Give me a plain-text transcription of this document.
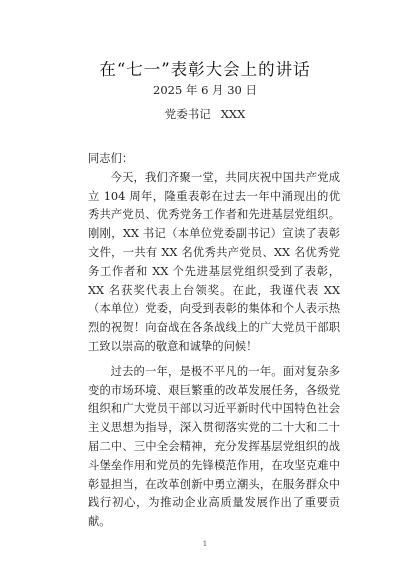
在“七一”表彰大会上的讲话
2025 年 6 月 30 日
党委书记 XXX

同志们：

今天，我们齐聚一堂，共同庆祝中国共产党成立 104 周年，隆重表彰在过去一年中涌现出的优秀共产党员、优秀党务工作者和先进基层党组织。刚刚，XX 书记（本单位党委副书记）宣读了表彰文件，一共有 XX 名优秀共产党员、XX 名优秀党务工作者和 XX 个先进基层党组织受到了表彰，XX 名获奖代表上台领奖。在此，我谨代表 XX（本单位）党委，向受到表彰的集体和个人表示热烈的祝贺！向奋战在各条战线上的广大党员干部职工致以崇高的敬意和诚挚的问候！

过去的一年，是极不平凡的一年。面对复杂多变的市场环境、艰巨繁重的改革发展任务，各级党组织和广大党员干部以习近平新时代中国特色社会主义思想为指导，深入贯彻落实党的二十大和二十届二中、三中全会精神，充分发挥基层党组织的战斗堡垒作用和党员的先锋模范作用，在攻坚克难中彰显担当，在改革创新中勇立潮头，在服务群众中践行初心，为推动企业高质量发展作出了重要贡献。

1
